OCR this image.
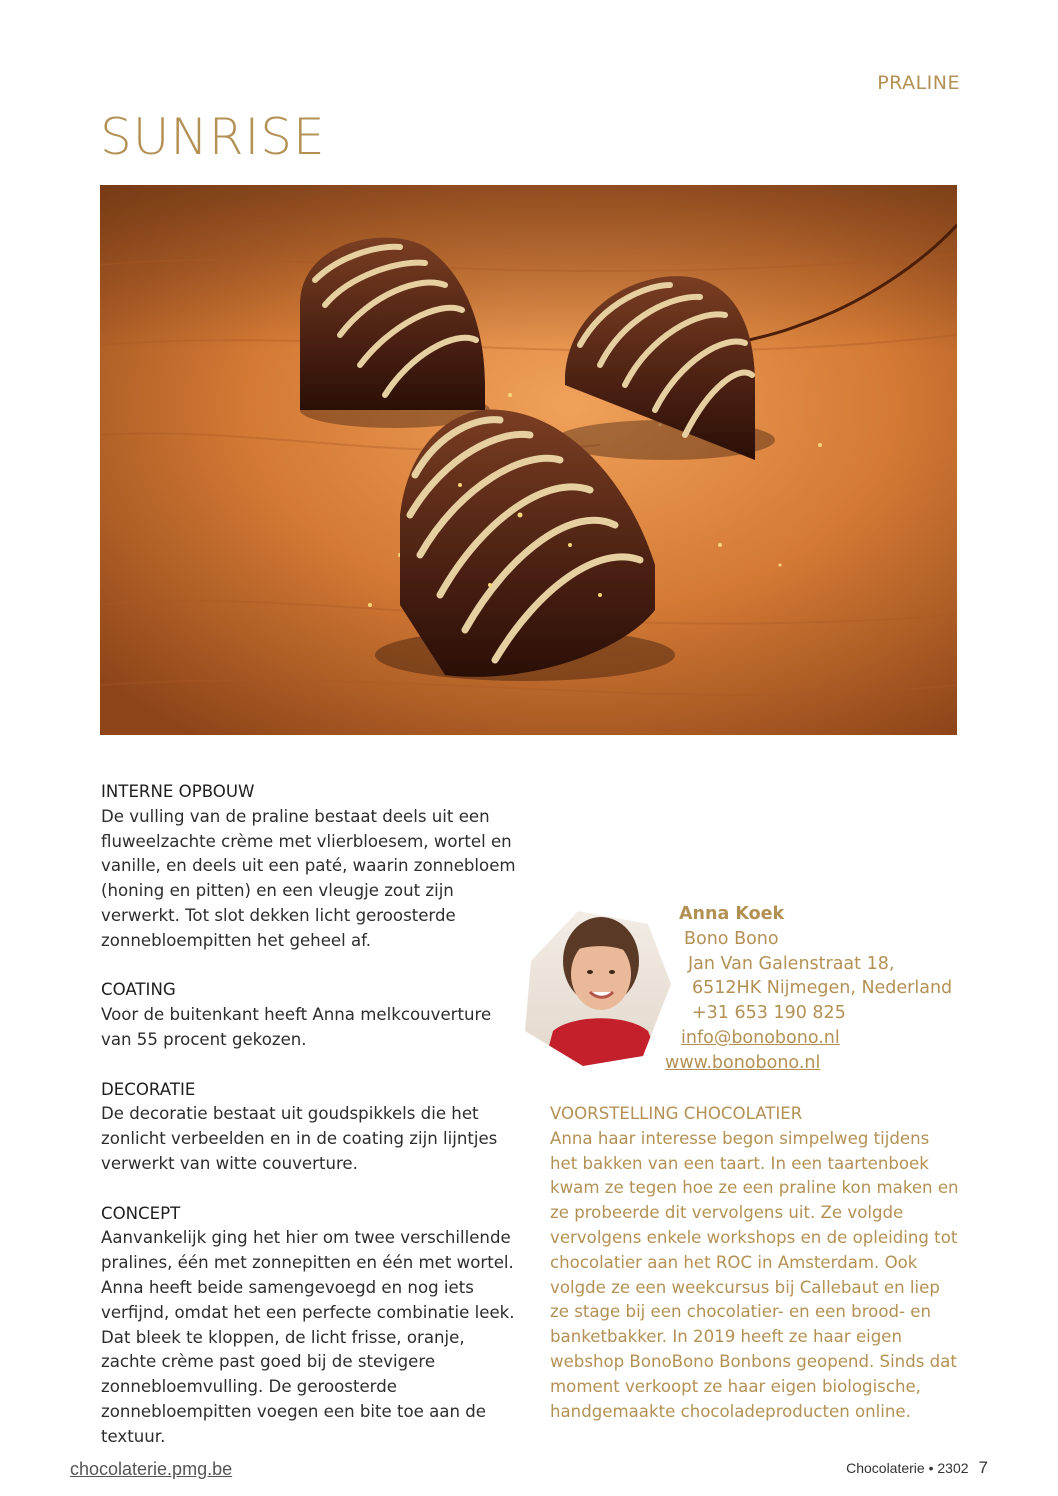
PRALINE
SUNRISE
INTERNE OPBOUW

De vulling van de praline bestaat deels uit een fluweelzachte crème met vlierbloesem, wortel en vanille, en deels uit een paté, waarin zonnebloem (honing en pitten) en een vleugje zout zijn verwerkt. Tot slot dekken licht geroosterde zonnebloempitten het geheel af.

COATING

Voor de buitenkant heeft Anna melkcouverture van 55 procent gekozen.

DECORATIE

De decoratie bestaat uit goudspikkels die het zonlicht verbeelden en in de coating zijn lijntjes verwerkt van witte couverture.

CONCEPT

Aanvankelijk ging het hier om twee verschillende pralines, één met zonnepitten en één met wortel. Anna heeft beide samengevoegd en nog iets verfijnd, omdat het een perfecte combinatie leek. Dat bleek te kloppen, de licht frisse, oranje, zachte crème past goed bij de stevigere zonnebloemvulling. De geroosterde zonnebloempitten voegen een bite toe aan de textuur.

Anna Koek
Bono Bono
Jan Van Galenstraat 18,
6512HK Nijmegen, Nederland
+31 653 190 825
info@bonobono.nl
www.bonobono.nl
VOORSTELLING CHOCOLATIER

Anna haar interesse begon simpelweg tijdens het bakken van een taart. In een taartenboek kwam ze tegen hoe ze een praline kon maken en ze probeerde dit vervolgens uit. Ze volgde vervolgens enkele workshops en de opleiding tot chocolatier aan het ROC in Amsterdam. Ook volgde ze een weekcursus bij Callebaut en liep ze stage bij een chocolatier- en een brood- en banketbakker. In 2019 heeft ze haar eigen webshop BonoBono Bonbons geopend. Sinds dat moment verkoopt ze haar eigen biologische, handgemaakte chocoladeproducten online.

chocolaterie.pmg.be	Chocolaterie • 2302 7
